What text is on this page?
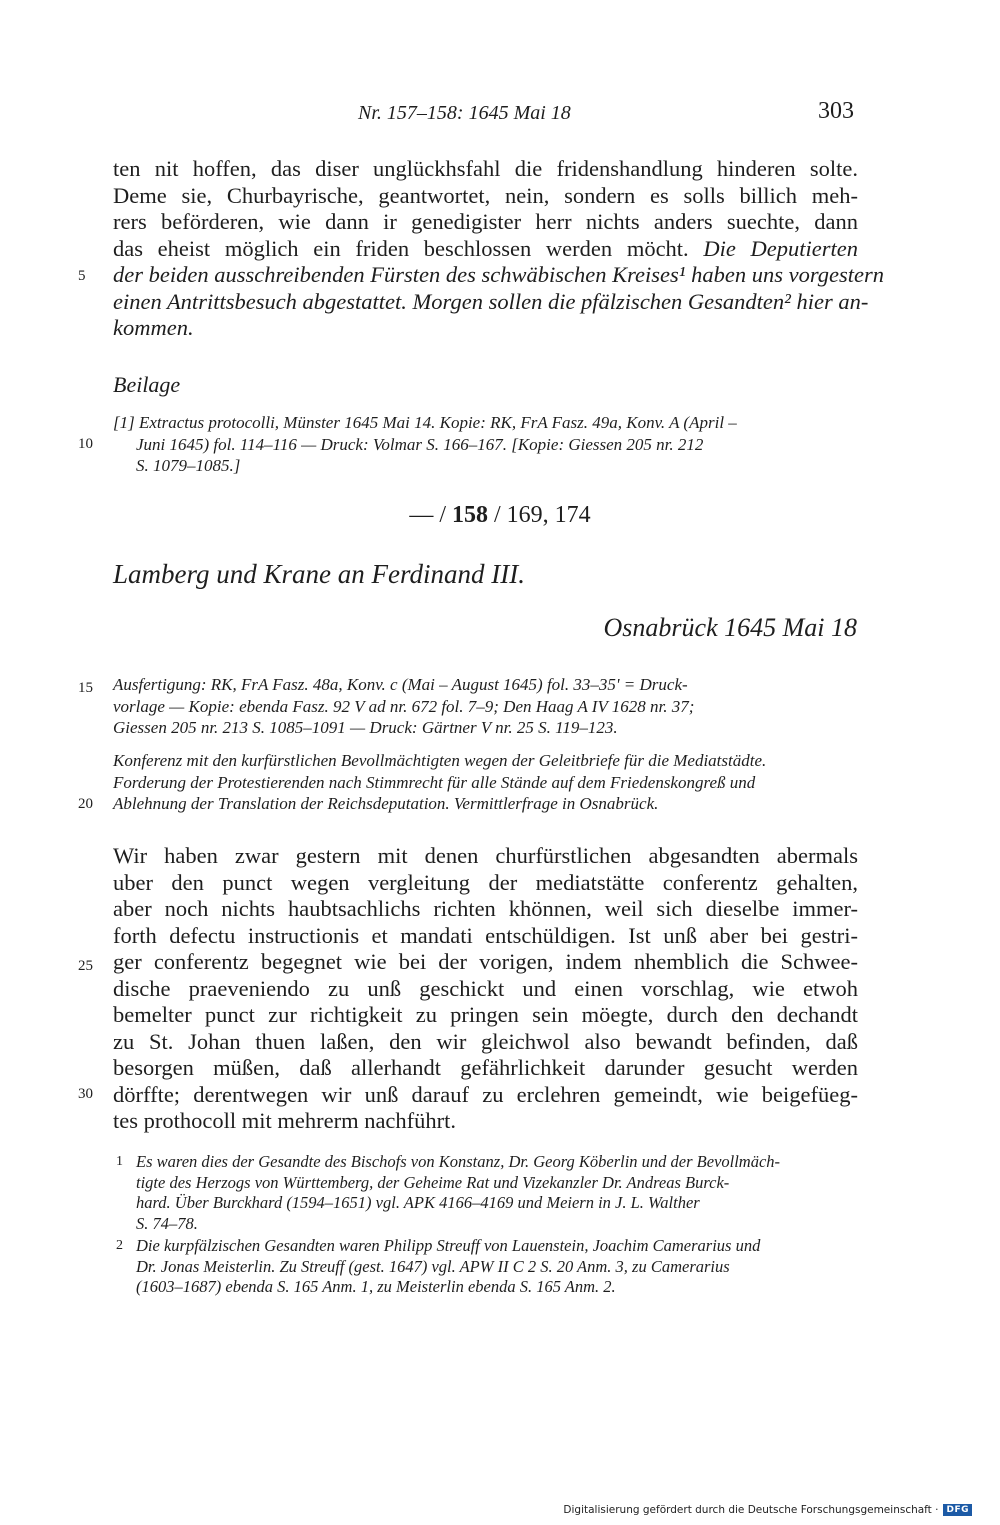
Nr. 157–158: 1645 Mai 18	303
ten nit hoffen, das diser unglückhsfahl die fridenshandlung hinderen solte.
Deme sie, Churbayrische, geantwortet, nein, sondern es solls billich meh-
rers beförderen, wie dann ir genedigister herr nichts anders suechte, dann
das eheist möglich ein friden beschlossen werden möcht. Die Deputierten
der beiden ausschreibenden Fürsten des schwäbischen Kreises¹ haben uns vorgestern
einen Antrittsbesuch abgestattet. Morgen sollen die pfälzischen Gesandten² hier an-
kommen.
5
10
15
20
25
30
Beilage
[1] Extractus protocolli, Münster 1645 Mai 14. Kopie: RK, FrA Fasz. 49a, Konv. A (April –
Juni 1645) fol. 114–116 — Druck: Volmar S. 166–167. [Kopie: Giessen 205 nr. 212
S. 1079–1085.]
— / 158 / 169, 174
Lamberg und Krane an Ferdinand III.
Osnabrück 1645 Mai 18
Ausfertigung: RK, FrA Fasz. 48a, Konv. c (Mai – August 1645) fol. 33–35' = Druck-
vorlage — Kopie: ebenda Fasz. 92 V ad nr. 672 fol. 7–9; Den Haag A IV 1628 nr. 37;
Giessen 205 nr. 213 S. 1085–1091 — Druck: Gärtner V nr. 25 S. 119–123.
Konferenz mit den kurfürstlichen Bevollmächtigten wegen der Geleitbriefe für die Mediatstädte.
Forderung der Protestierenden nach Stimmrecht für alle Stände auf dem Friedenskongreß und
Ablehnung der Translation der Reichsdeputation. Vermittlerfrage in Osnabrück.
Wir haben zwar gestern mit denen churfürstlichen abgesandten abermals
uber den punct wegen vergleitung der mediatstätte conferentz gehalten,
aber noch nichts haubtsachlichs richten khönnen, weil sich dieselbe immer-
forth defectu instructionis et mandati entschüldigen. Ist unß aber bei gestri-
ger conferentz begegnet wie bei der vorigen, indem nhemblich die Schwee-
dische praeveniendo zu unß geschickt und einen vorschlag, wie etwoh
bemelter punct zur richtigkeit zu pringen sein möegte, durch den dechandt
zu St. Johan thuen laßen, den wir gleichwol also bewandt befinden, daß
besorgen müßen, daß allerhandt gefährlichkeit darunder gesucht werden
dörffte; derentwegen wir unß darauf zu erclehren gemeindt, wie beigefüeg-
tes prothocoll mit mehrerm nachführt.
1 Es waren dies der Gesandte des Bischofs von Konstanz, Dr. Georg Köberlin und der Bevollmäch-
tigte des Herzogs von Württemberg, der Geheime Rat und Vizekanzler Dr. Andreas Burck-
hard. Über Burckhard (1594–1651) vgl. APK 4166–4169 und Meiern in J. L. Walther
S. 74–78.
2 Die kurpfälzischen Gesandten waren Philipp Streuff von Lauenstein, Joachim Camerarius und
Dr. Jonas Meisterlin. Zu Streuff (gest. 1647) vgl. APW II C 2 S. 20 Anm. 3, zu Camerarius
(1603–1687) ebenda S. 165 Anm. 1, zu Meisterlin ebenda S. 165 Anm. 2.
Digitalisierung gefördert durch die Deutsche Forschungsgemeinschaft · DFG
